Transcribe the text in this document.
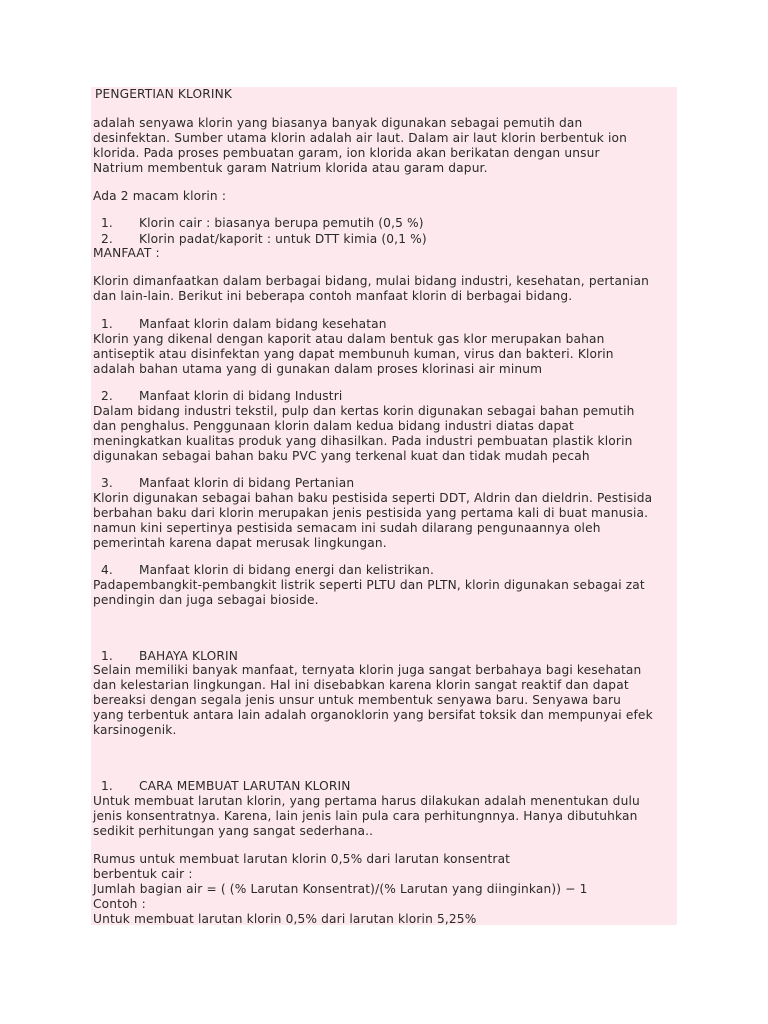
PENGERTIAN KLORINK
adalah senyawa klorin yang biasanya banyak digunakan sebagai pemutih dan
desinfektan. Sumber utama klorin adalah air laut. Dalam air laut klorin berbentuk ion
klorida. Pada proses pembuatan garam, ion klorida akan berikatan dengan unsur
Natrium membentuk garam Natrium klorida atau garam dapur.
Ada 2 macam klorin :
1. Klorin cair : biasanya berupa pemutih (0,5 %)
2. Klorin padat/kaporit : untuk DTT kimia (0,1 %)
MANFAAT :
Klorin dimanfaatkan dalam berbagai bidang, mulai bidang industri, kesehatan, pertanian
dan lain-lain. Berikut ini beberapa contoh manfaat klorin di berbagai bidang.
1. Manfaat klorin dalam bidang kesehatan
Klorin yang dikenal dengan kaporit atau dalam bentuk gas klor merupakan bahan
antiseptik atau disinfektan yang dapat membunuh kuman, virus dan bakteri. Klorin
adalah bahan utama yang di gunakan dalam proses klorinasi air minum
2. Manfaat klorin di bidang Industri
Dalam bidang industri tekstil, pulp dan kertas korin digunakan sebagai bahan pemutih
dan penghalus. Penggunaan klorin dalam kedua bidang industri diatas dapat
meningkatkan kualitas produk yang dihasilkan. Pada industri pembuatan plastik klorin
digunakan sebagai bahan baku PVC yang terkenal kuat dan tidak mudah pecah
3. Manfaat klorin di bidang Pertanian
Klorin digunakan sebagai bahan baku pestisida seperti DDT, Aldrin dan dieldrin. Pestisida
berbahan baku dari klorin merupakan jenis pestisida yang pertama kali di buat manusia.
namun kini sepertinya pestisida semacam ini sudah dilarang pengunaannya oleh
pemerintah karena dapat merusak lingkungan.
4. Manfaat klorin di bidang energi dan kelistrikan.
Padapembangkit-pembangkit listrik seperti PLTU dan PLTN, klorin digunakan sebagai zat
pendingin dan juga sebagai bioside.
1. BAHAYA KLORIN
Selain memiliki banyak manfaat, ternyata klorin juga sangat berbahaya bagi kesehatan
dan kelestarian lingkungan. Hal ini disebabkan karena klorin sangat reaktif dan dapat
bereaksi dengan segala jenis unsur untuk membentuk senyawa baru. Senyawa baru
yang terbentuk antara lain adalah organoklorin yang bersifat toksik dan mempunyai efek
karsinogenik.
1. CARA MEMBUAT LARUTAN KLORIN
Untuk membuat larutan klorin, yang pertama harus dilakukan adalah menentukan dulu
jenis konsentratnya. Karena, lain jenis lain pula cara perhitungnnya. Hanya dibutuhkan
sedikit perhitungan yang sangat sederhana..
Rumus untuk membuat larutan klorin 0,5% dari larutan konsentrat
berbentuk cair :
Jumlah bagian air = ( (% Larutan Konsentrat)/(% Larutan yang diinginkan)) − 1
Contoh :
Untuk membuat larutan klorin 0,5% dari larutan klorin 5,25%
